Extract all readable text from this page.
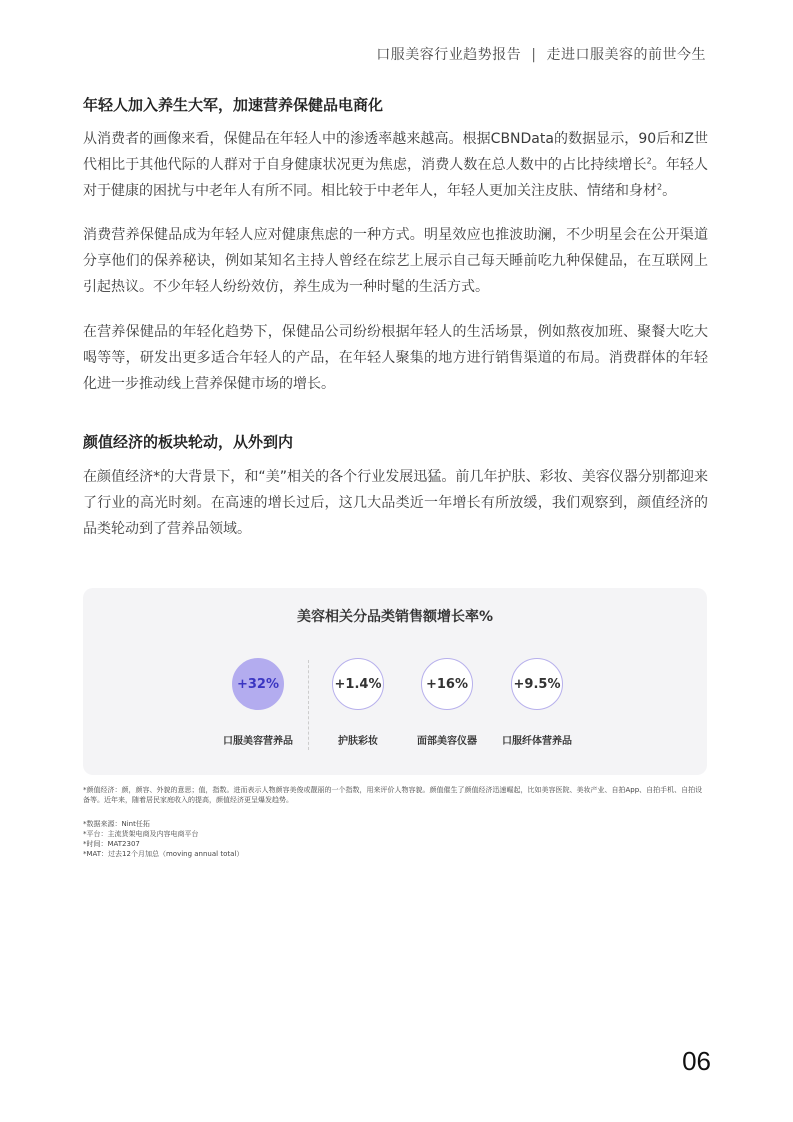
口服美容行业趋势报告 | 走进口服美容的前世今生
年轻人加入养生大军，加速营养保健品电商化

从消费者的画像来看，保健品在年轻人中的渗透率越来越高。根据CBNData的数据显示，90后和Z世代相比于其他代际的人群对于自身健康状况更为焦虑，消费人数在总人数中的占比持续增长$^2$。年轻人对于健康的困扰与中老年人有所不同。相比较于中老年人，年轻人更加关注皮肤、情绪和身材$^2$。

消费营养保健品成为年轻人应对健康焦虑的一种方式。明星效应也推波助澜，不少明星会在公开渠道分享他们的保养秘诀，例如某知名主持人曾经在综艺上展示自己每天睡前吃九种保健品，在互联网上引起热议。不少年轻人纷纷效仿，养生成为一种时髦的生活方式。

在营养保健品的年轻化趋势下，保健品公司纷纷根据年轻人的生活场景，例如熬夜加班、聚餐大吃大喝等等，研发出更多适合年轻人的产品，在年轻人聚集的地方进行销售渠道的布局。消费群体的年轻化进一步推动线上营养保健市场的增长。

颜值经济的板块轮动，从外到内

在颜值经济*的大背景下，和“美”相关的各个行业发展迅猛。前几年护肤、彩妆、美容仪器分别都迎来了行业的高光时刻。在高速的增长过后，这几大品类近一年增长有所放缓，我们观察到，颜值经济的品类轮动到了营养品领域。

美容相关分品类销售额增长率%
+32%
口服美容营养品
+1.4%
护肤彩妆
+16%
面部美容仪器
+9.5%
口服纤体营养品

*颜值经济：颜，颜容、外貌的意思；值，指数。进而表示人物颜容美俊或靓丽的一个指数，用来评价人物容貌。颜值催生了颜值经济迅速崛起，比如美容医院、美妆产业、自拍App、自拍手机、自拍设备等。近年来，随着居民家庭收入的提高，颜值经济更呈爆发趋势。

*数据来源：Nint任拓

*平台：主流货架电商及内容电商平台

*时间：MAT2307

*MAT：过去12个月加总（moving annual total）

06
